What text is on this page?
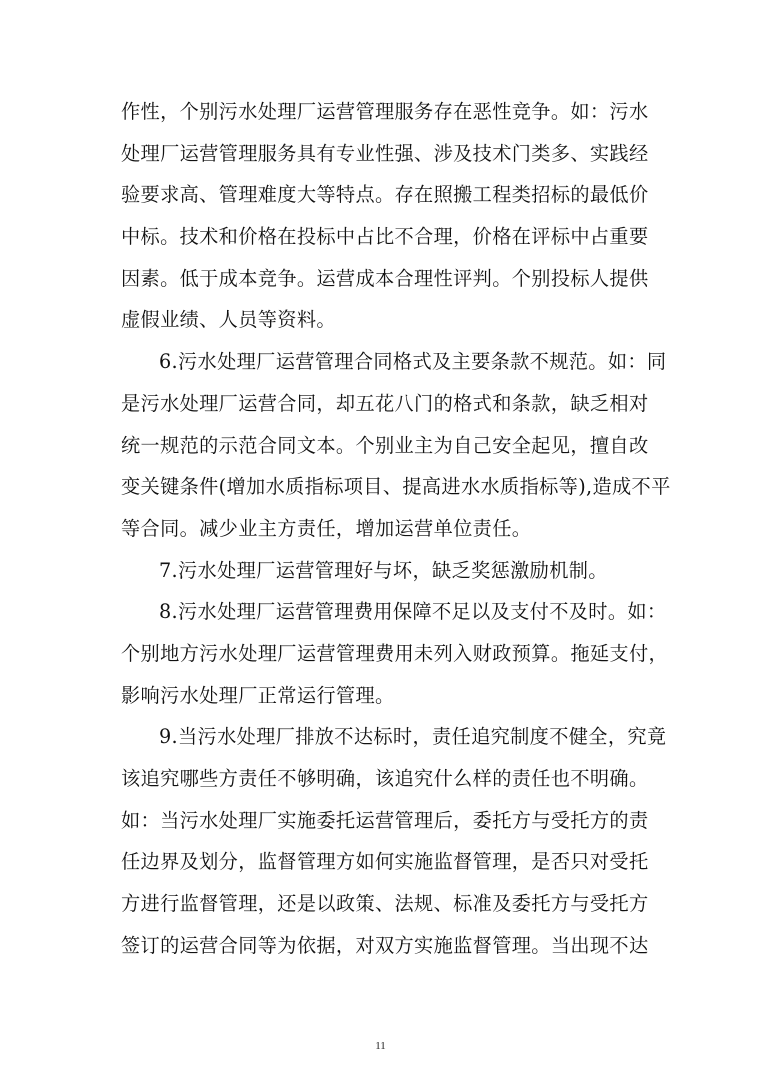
作性，个别污水处理厂运营管理服务存在恶性竞争。如：污水
处理厂运营管理服务具有专业性强、涉及技术门类多、实践经
验要求高、管理难度大等特点。存在照搬工程类招标的最低价
中标。技术和价格在投标中占比不合理，价格在评标中占重要
因素。低于成本竞争。运营成本合理性评判。个别投标人提供
虚假业绩、人员等资料。
6.污水处理厂运营管理合同格式及主要条款不规范。如：同
是污水处理厂运营合同，却五花八门的格式和条款，缺乏相对
统一规范的示范合同文本。个别业主为自己安全起见，擅自改
变关键条件(增加水质指标项目、提高进水水质指标等),造成不平
等合同。减少业主方责任，增加运营单位责任。
7.污水处理厂运营管理好与坏，缺乏奖惩激励机制。
8.污水处理厂运营管理费用保障不足以及支付不及时。如：
个别地方污水处理厂运营管理费用未列入财政预算。拖延支付，
影响污水处理厂正常运行管理。
9.当污水处理厂排放不达标时，责任追究制度不健全，究竟
该追究哪些方责任不够明确，该追究什么样的责任也不明确。
如：当污水处理厂实施委托运营管理后，委托方与受托方的责
任边界及划分，监督管理方如何实施监督管理，是否只对受托
方进行监督管理，还是以政策、法规、标准及委托方与受托方
签订的运营合同等为依据，对双方实施监督管理。当出现不达
11
